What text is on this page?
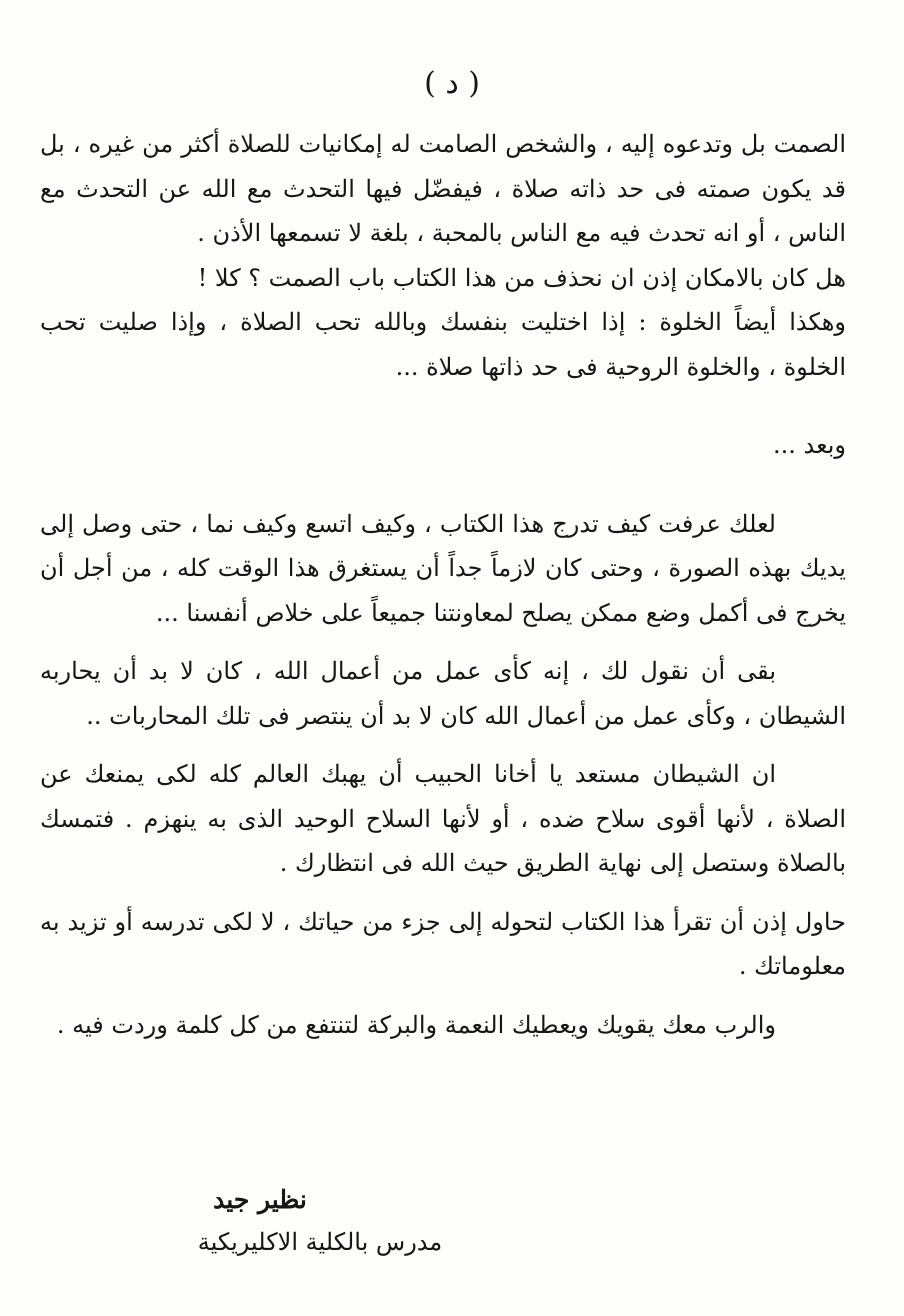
( د )

الصمت بل وتدعوه إليه ، والشخص الصامت له إمكانيات للصلاة أكثر من غيره ، بل قد يكون صمته فى حد ذاته صلاة ، فيفضّل فيها التحدث مع الله عن التحدث مع الناس ، أو انه تحدث فيه مع الناس بالمحبة ، بلغة لا تسمعها الأذن .

هل كان بالامكان إذن ان نحذف من هذا الكتاب باب الصمت ؟ كلا !

وهكذا أيضاً الخلوة : إذا اختليت بنفسك وبالله تحب الصلاة ، وإذا صليت تحب الخلوة ، والخلوة الروحية فى حد ذاتها صلاة ...

وبعد ...

لعلك عرفت كيف تدرج هذا الكتاب ، وكيف اتسع وكيف نما ، حتى وصل إلى يديك بهذه الصورة ، وحتى كان لازماً جداً أن يستغرق هذا الوقت كله ، من أجل أن يخرج فى أكمل وضع ممكن يصلح لمعاونتنا جميعاً على خلاص أنفسنا ...

بقى أن نقول لك ، إنه كأى عمل من أعمال الله ، كان لا بد أن يحاربه الشيطان ، وكأى عمل من أعمال الله كان لا بد أن ينتصر فى تلك المحاربات ..

ان الشيطان مستعد يا أخانا الحبيب أن يهبك العالم كله لكى يمنعك عن الصلاة ، لأنها أقوى سلاح ضده ، أو لأنها السلاح الوحيد الذى به ينهزم . فتمسك بالصلاة وستصل إلى نهاية الطريق حيث الله فى انتظارك .

حاول إذن أن تقرأ هذا الكتاب لتحوله إلى جزء من حياتك ، لا لكى تدرسه أو تزيد به معلوماتك .

والرب معك يقويك ويعطيك النعمة والبركة لتنتفع من كل كلمة وردت فيه .

نظير جيد
مدرس بالكلية الاكليريكية
